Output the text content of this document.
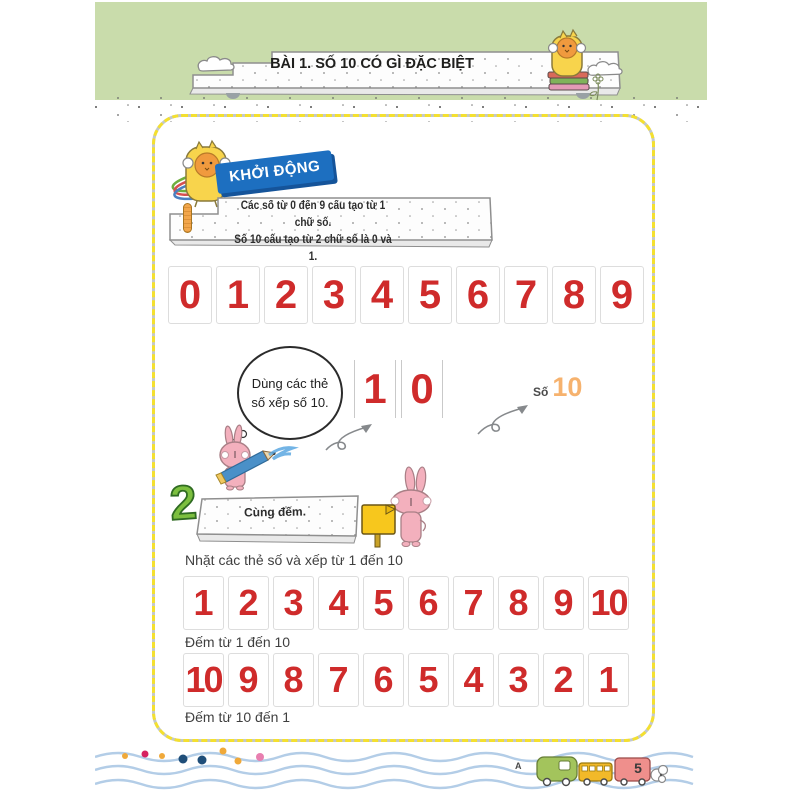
BÀI 1. SỐ 10 CÓ GÌ ĐẶC BIỆT
KHỞI ĐỘNG
Các số từ 0 đến 9 cấu tạo từ 1 chữ số.
Số 10 cấu tạo từ 2 chữ số là 0 và 1.
0 1 2 3 4 5 6 7 8 9
Dùng các thẻ
số xếp số 10. 1 0	Số 10
2	Cùng đếm.
Nhặt các thẻ số và xếp từ 1 đến 10
1 2 3 4 5 6 7 8 9 10
Đếm từ 1 đến 10
10 9 8 7 6 5 4 3 2 1
Đếm từ 10 đến 1
A	5
